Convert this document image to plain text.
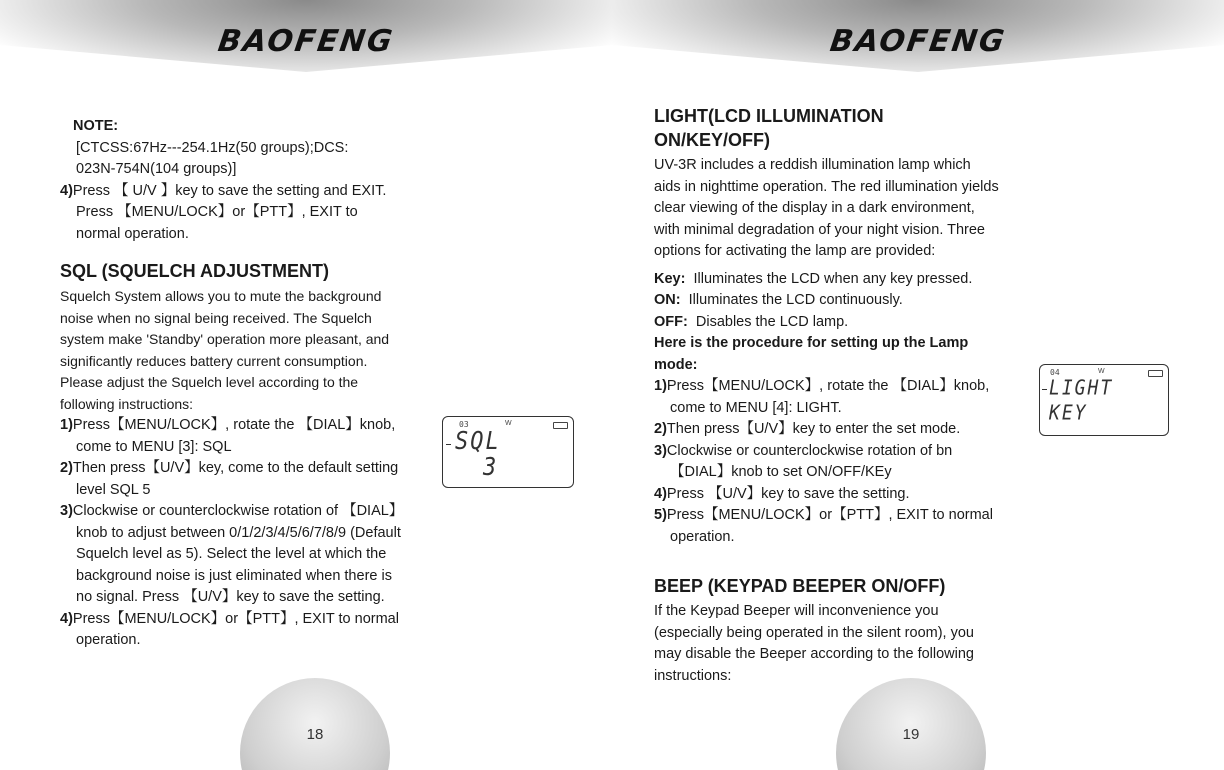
BAOFENG

NOTE:

[CTCSS:67Hz---254.1Hz(50 groups);DCS:

023N-754N(104 groups)]

4)Press 【 U/V 】key to save the setting and EXIT. Press 【MENU/LOCK】or【PTT】, EXIT to normal operation.

SQL (SQUELCH ADJUSTMENT)

Squelch System allows you to mute the background noise when no signal being received. The Squelch system make 'Standby' operation more pleasant, and significantly reduces battery current consumption. Please adjust the Squelch level according to the following instructions:

1)Press【MENU/LOCK】, rotate the 【DIAL】knob, come to MENU [3]: SQL

2)Then press【U/V】key, come to the default setting level SQL 5

3)Clockwise or counterclockwise rotation of 【DIAL】knob to adjust between 0/1/2/3/4/5/6/7/8/9 (Default Squelch level as 5). Select the level at which the background noise is just eliminated when there is no signal. Press 【U/V】key to save the setting.

4)Press【MENU/LOCK】or【PTT】, EXIT to normal operation.

03	W
SQL
3
18
BAOFENG
LIGHT(LCD ILLUMINATION ON/KEY/OFF)

UV-3R includes a reddish illumination lamp which aids in nighttime operation. The red illumination yields clear viewing of the display in a dark environment, with minimal degradation of your night vision. Three options for activating the lamp are provided:

Key: Illuminates the LCD when any key pressed.

ON: Illuminates the LCD continuously.

OFF: Disables the LCD lamp.

Here is the procedure for setting up the Lamp mode:

1)Press【MENU/LOCK】, rotate the 【DIAL】knob, come to MENU [4]: LIGHT.

2)Then press【U/V】key to enter the set mode.

3)Clockwise or counterclockwise rotation of bn 【DIAL】knob to set ON/OFF/KEy

4)Press 【U/V】key to save the setting.

5)Press【MENU/LOCK】or【PTT】, EXIT to normal operation.

BEEP (KEYPAD BEEPER ON/OFF)

If the Keypad Beeper will inconvenience you (especially being operated in the silent room), you may disable the Beeper according to the following instructions:

04	W
LIGHT
KEY
19
